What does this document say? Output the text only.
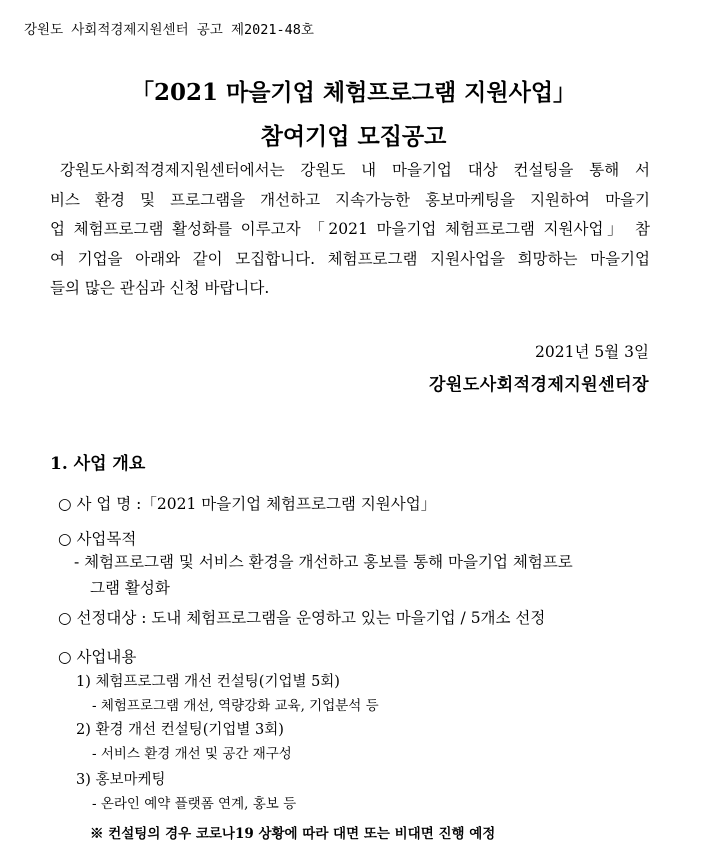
강원도 사회적경제지원센터 공고 제2021-48호
「2021 마을기업 체험프로그램 지원사업」
참여기업 모집공고
강원도사회적경제지원센터에서는 강원도 내 마을기업 대상 컨설팅을 통해 서
비스 환경 및 프로그램을 개선하고 지속가능한 홍보마케팅을 지원하여 마을기
업 체험프로그램 활성화를 이루고자 「2021 마을기업 체험프로그램 지원사업」 참
여 기업을 아래와 같이 모집합니다. 체험프로그램 지원사업을 희망하는 마을기업
들의 많은 관심과 신청 바랍니다.
2021년 5월 3일
강원도사회적경제지원센터장
1. 사업 개요
○ 사 업 명 :「2021 마을기업 체험프로그램 지원사업」
○ 사업목적
- 체험프로그램 및 서비스 환경을 개선하고 홍보를 통해 마을기업 체험프로
그램 활성화
○ 선정대상 : 도내 체험프로그램을 운영하고 있는 마을기업 / 5개소 선정
○ 사업내용
1) 체험프로그램 개선 컨설팅(기업별 5회)
- 체험프로그램 개선, 역량강화 교육, 기업분석 등
2) 환경 개선 컨설팅(기업별 3회)
- 서비스 환경 개선 및 공간 재구성
3) 홍보마케팅
- 온라인 예약 플랫폼 연계, 홍보 등
※ 컨설팅의 경우 코로나19 상황에 따라 대면 또는 비대면 진행 예정
